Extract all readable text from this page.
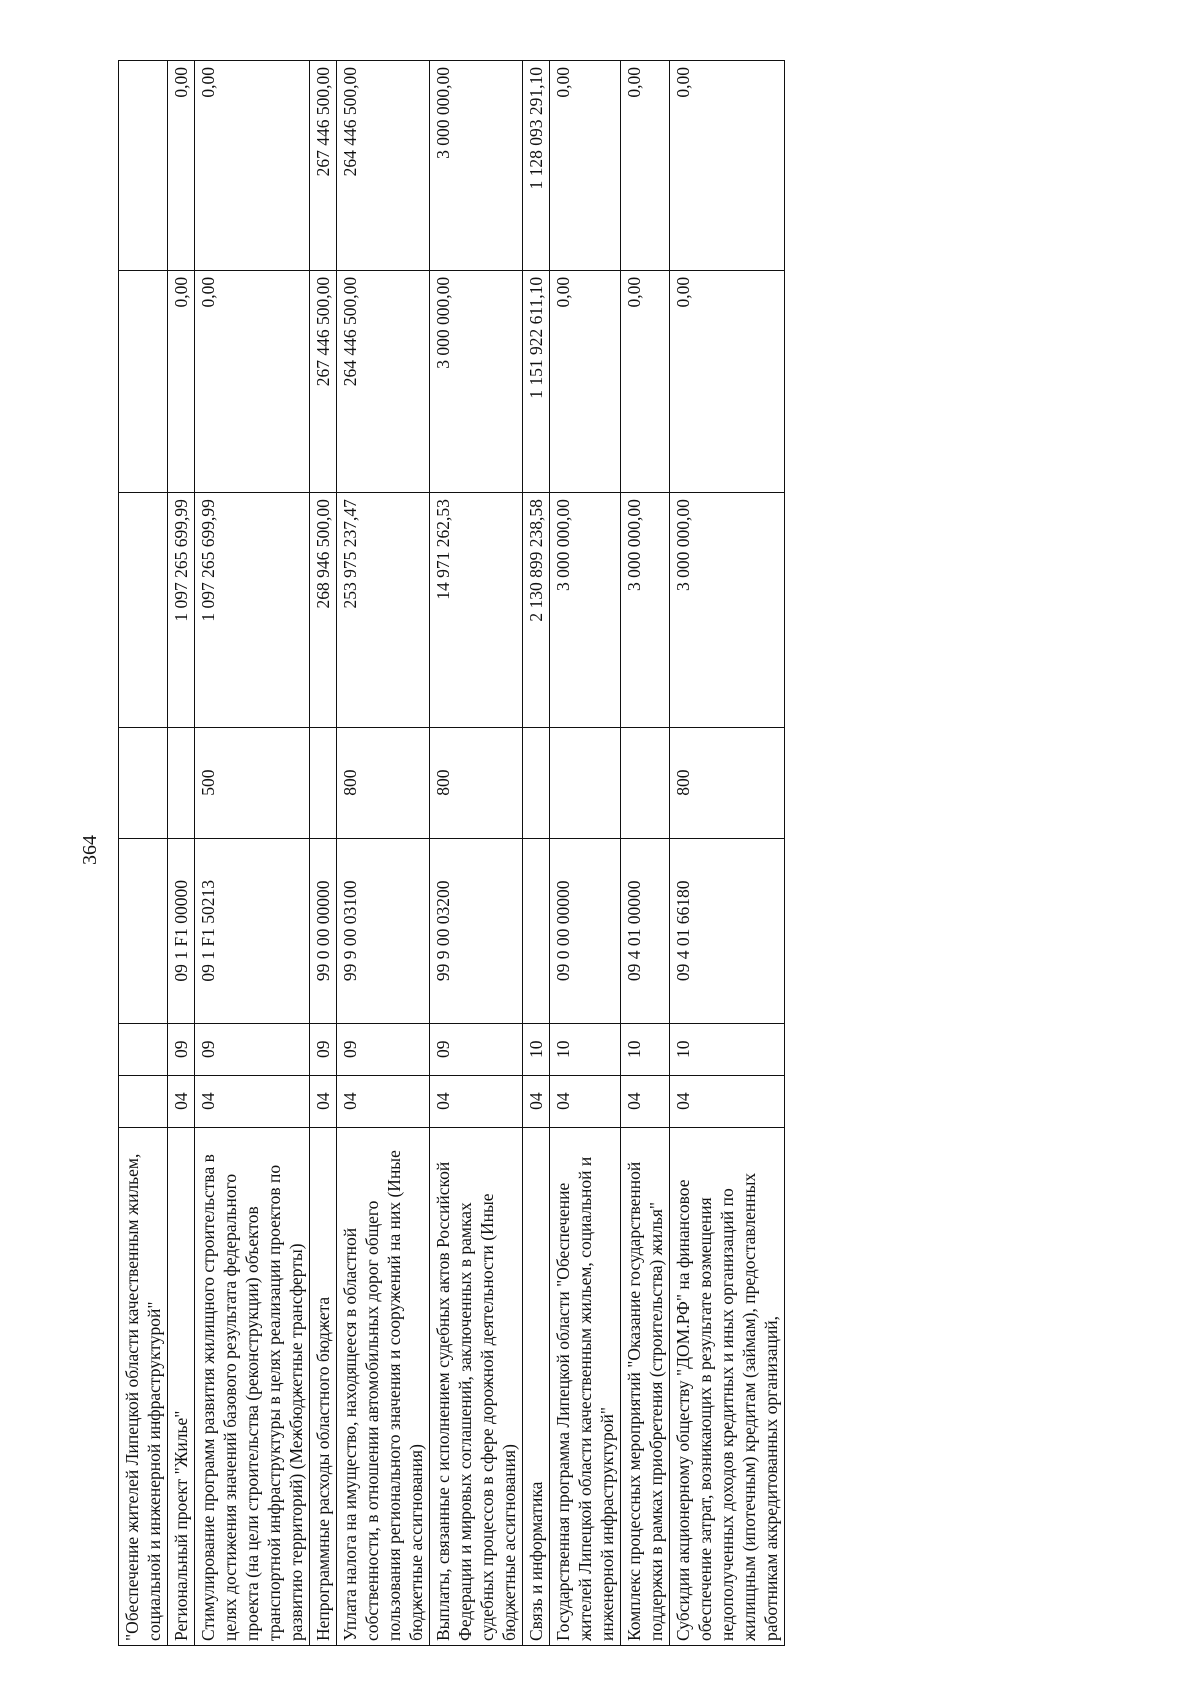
364
"Обеспечение жителей Липецкой области качественным жильем, социальной и инженерной инфраструктурой"							
Региональный проект "Жилье"	04	09	09 1 F1 00000		1 097 265 699,99	0,00	0,00
Стимулирование программ развития жилищного строительства в целях достижения значений базового результата федерального проекта (на цели строительства (реконструкции) объектов транспортной инфраструктуры в целях реализации проектов по развитию территорий) (Межбюджетные трансферты)	04	09	09 1 F1 50213	500	1 097 265 699,99	0,00	0,00
Непрограммные расходы областного бюджета	04	09	99 0 00 00000		268 946 500,00	267 446 500,00	267 446 500,00
Уплата налога на имущество, находящееся в областной собственности, в отношении автомобильных дорог общего пользования регионального значения и сооружений на них (Иные бюджетные ассигнования)	04	09	99 9 00 03100	800	253 975 237,47	264 446 500,00	264 446 500,00
Выплаты, связанные с исполнением судебных актов Российской Федерации и мировых соглашений, заключенных в рамках судебных процессов в сфере дорожной деятельности (Иные бюджетные ассигнования)	04	09	99 9 00 03200	800	14 971 262,53	3 000 000,00	3 000 000,00
Связь и информатика	04	10			2 130 899 238,58	1 151 922 611,10	1 128 093 291,10
Государственная программа Липецкой области "Обеспечение жителей Липецкой области качественным жильем, социальной и инженерной инфраструктурой"	04	10	09 0 00 00000		3 000 000,00	0,00	0,00
Комплекс процессных мероприятий "Оказание государственной поддержки в рамках приобретения (строительства) жилья"	04	10	09 4 01 00000		3 000 000,00	0,00	0,00
Субсидии акционерному обществу "ДОМ.РФ" на финансовое обеспечение затрат, возникающих в результате возмещения недополученных доходов кредитных и иных организаций по жилищным (ипотечным) кредитам (займам), предоставленных работникам аккредитованных организаций,	04	10	09 4 01 66180	800	3 000 000,00	0,00	0,00
